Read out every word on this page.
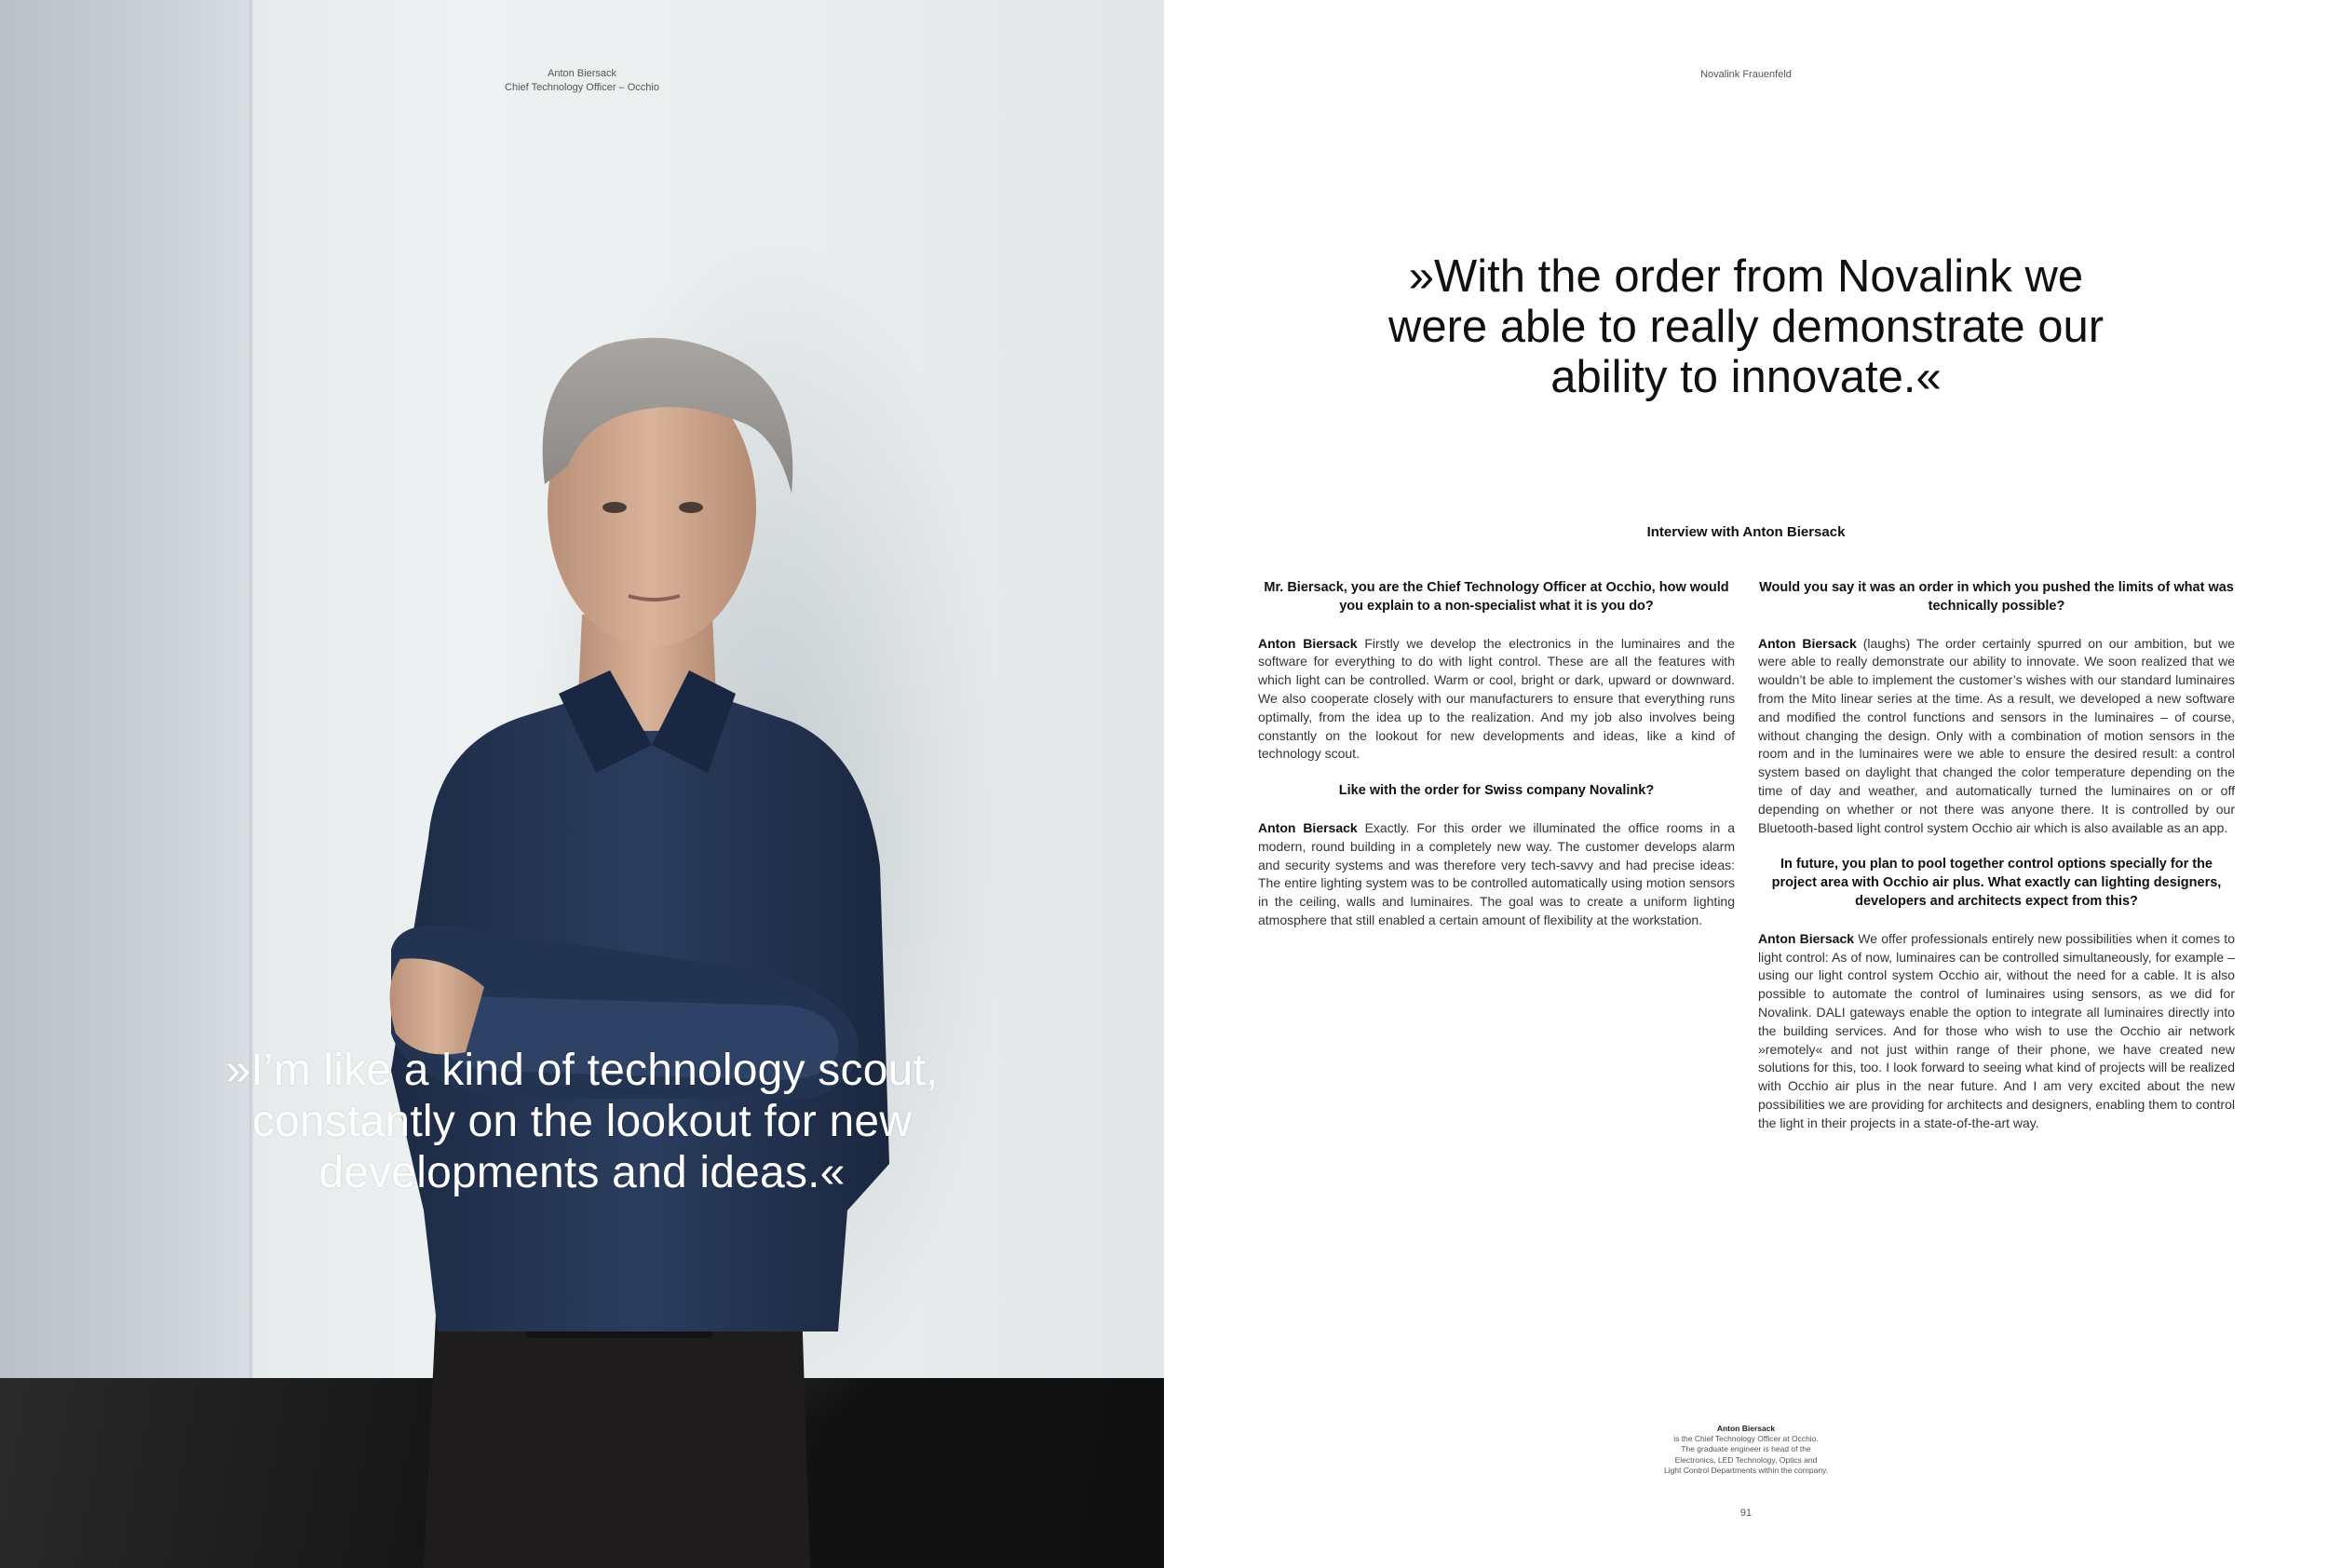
Anton Biersack
Chief Technology Officer – Occhio
»I’m like a kind of technology scout, constantly on the lookout for new developments and ideas.«
Novalink Frauenfeld
»With the order from Novalink we were able to really demonstrate our ability to innovate.«
Interview with Anton Biersack

Mr. Biersack, you are the Chief Technology Officer at Occhio, how would you explain to a non-specialist what it is you do?

Anton Biersack Firstly we develop the electronics in the luminaires and the software for everything to do with light control. These are all the features with which light can be controlled. Warm or cool, bright or dark, upward or downward. We also cooperate closely with our manufacturers to ensure that everything runs optimally, from the idea up to the realization. And my job also involves being constantly on the lookout for new developments and ideas, like a kind of technology scout.

Like with the order for Swiss company Novalink?

Anton Biersack Exactly. For this order we illuminated the office rooms in a modern, round building in a completely new way. The customer develops alarm and security systems and was therefore very tech-savvy and had precise ideas: The entire lighting system was to be controlled automatically using motion sensors in the ceiling, walls and luminaires. The goal was to create a uniform lighting atmosphere that still enabled a certain amount of flexibility at the workstation.

Would you say it was an order in which you pushed the limits of what was technically possible?

Anton Biersack (laughs) The order certainly spurred on our ambition, but we were able to really demonstrate our ability to innovate. We soon realized that we wouldn’t be able to implement the customer’s wishes with our standard luminaires from the Mito linear series at the time. As a result, we developed a new software and modified the control functions and sensors in the luminaires – of course, without changing the design. Only with a combination of motion sensors in the room and in the luminaires were we able to ensure the desired result: a control system based on daylight that changed the color temperature depending on the time of day and weather, and automatically turned the luminaires on or off depending on whether or not there was anyone there. It is controlled by our Bluetooth-based light control system Occhio air which is also available as an app.

In future, you plan to pool together control options specially for the project area with Occhio air plus. What exactly can lighting designers, developers and architects expect from this?

Anton Biersack We offer professionals entirely new possibilities when it comes to light control: As of now, luminaires can be controlled simultaneously, for example – using our light control system Occhio air, without the need for a cable. It is also possible to automate the control of luminaires using sensors, as we did for Novalink. DALI gateways enable the option to integrate all luminaires directly into the building services. And for those who wish to use the Occhio air network »remotely« and not just within range of their phone, we have created new solutions for this, too. I look forward to seeing what kind of projects will be realized with Occhio air plus in the near future. And I am very excited about the new possibilities we are providing for architects and designers, enabling them to control the light in their projects in a state-of-the-art way.

Anton Biersack
is the Chief Technology Officer at Occhio.
The graduate engineer is head of the
Electronics, LED Technology, Optics and
Light Control Departments within the company.
91
